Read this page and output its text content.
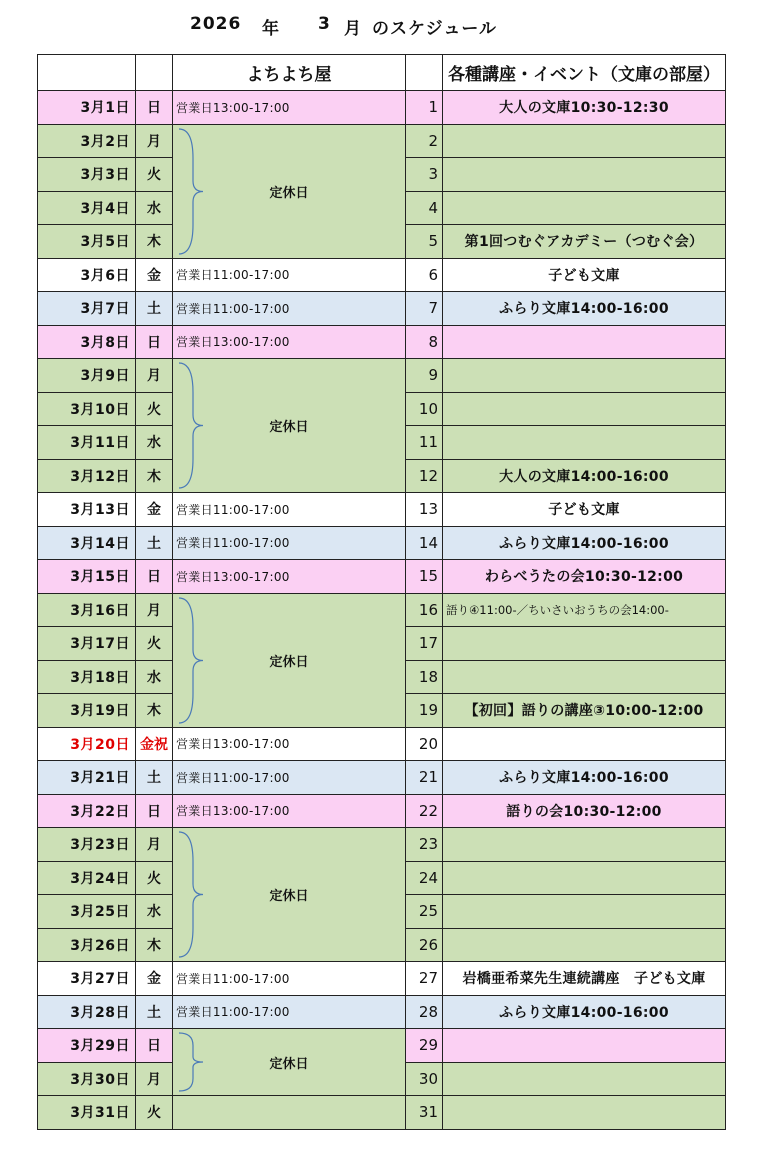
2026 年 3 月 のスケジュール
		よちよち屋		各種講座・イベント（文庫の部屋）
3月1日	日	営業日13:00-17:00	1	大人の文庫10:30-12:30
3月2日	月	定休日	2	
3月3日	火		3	
3月4日	水		4	
3月5日	木		5	第1回つむぐアカデミー（つむぐ会）
3月6日	金	営業日11:00-17:00	6	子ども文庫
3月7日	土	営業日11:00-17:00	7	ふらり文庫14:00-16:00
3月8日	日	営業日13:00-17:00	8	
3月9日	月	定休日	9	
3月10日	火		10	
3月11日	水		11	
3月12日	木		12	大人の文庫14:00-16:00
3月13日	金	営業日11:00-17:00	13	子ども文庫
3月14日	土	営業日11:00-17:00	14	ふらり文庫14:00-16:00
3月15日	日	営業日13:00-17:00	15	わらべうたの会10:30-12:00
3月16日	月	定休日	16	語り④11:00-／ちいさいおうちの会14:00-
3月17日	火		17	
3月18日	水		18	
3月19日	木		19	【初回】語りの講座③10:00-12:00
3月20日	金祝	営業日13:00-17:00	20	
3月21日	土	営業日11:00-17:00	21	ふらり文庫14:00-16:00
3月22日	日	営業日13:00-17:00	22	語りの会10:30-12:00
3月23日	月	定休日	23	
3月24日	火		24	
3月25日	水		25	
3月26日	木		26	
3月27日	金	営業日11:00-17:00	27	岩橋亜希菜先生連続講座　子ども文庫
3月28日	土	営業日11:00-17:00	28	ふらり文庫14:00-16:00
3月29日	日	定休日	29	
3月30日	月		30	
3月31日	火		31	
